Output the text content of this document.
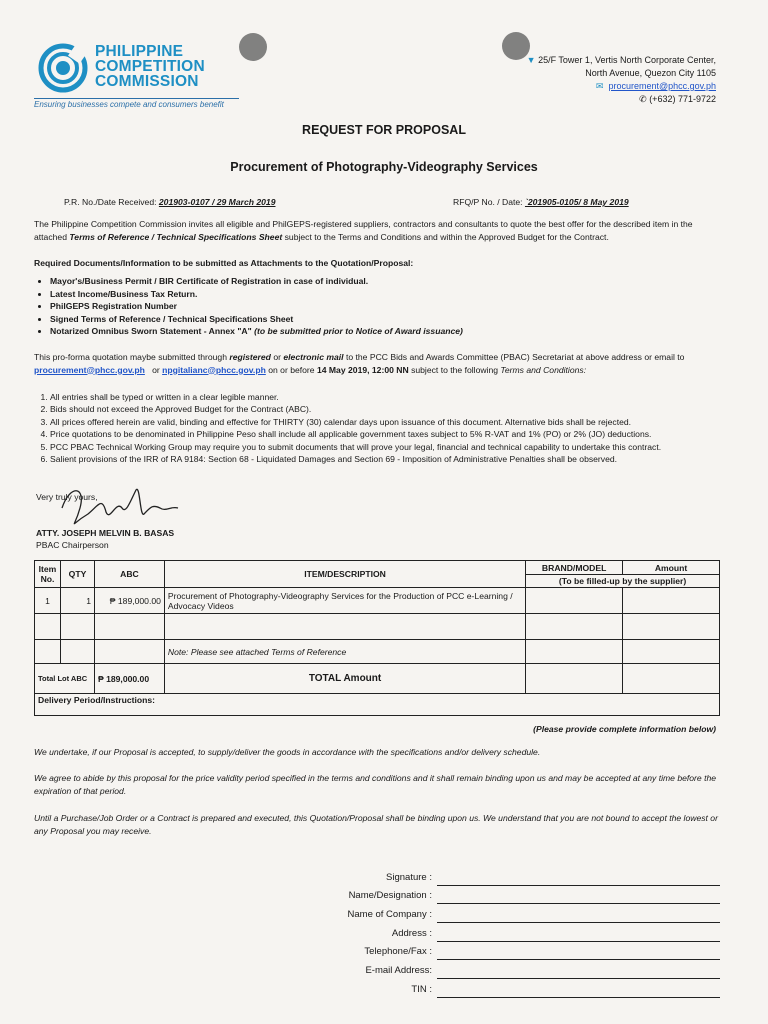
PHILIPPINE
COMPETITION
COMMISSION
Ensuring businesses compete and consumers benefit
▼ 25/F Tower 1, Vertis North Corporate Center,
North Avenue, Quezon City 1105
✉ procurement@phcc.gov.ph
✆ (+632) 771-9722
REQUEST FOR PROPOSAL
Procurement of Photography-Videography Services
P.R. No./Date Received: 201903-0107 / 29 March 2019	RFQ/P No. / Date: `201905-0105/ 8 May 2019
The Philippine Competition Commission invites all eligible and PhilGEPS-registered suppliers, contractors and consultants to quote the best offer for the described item in the attached Terms of Reference / Technical Specifications Sheet subject to the Terms and Conditions and within the Approved Budget for the Contract.
Required Documents/Information to be submitted as Attachments to the Quotation/Proposal:
• Mayor's/Business Permit / BIR Certificate of Registration in case of individual.
• Latest Income/Business Tax Return.
• PhilGEPS Registration Number
• Signed Terms of Reference / Technical Specifications Sheet
• Notarized Omnibus Sworn Statement - Annex "A" (to be submitted prior to Notice of Award issuance)
This pro-forma quotation maybe submitted through registered or electronic mail to the PCC Bids and Awards Committee (PBAC) Secretariat at above address or email to procurement@phcc.gov.ph or npgitalianc@phcc.gov.ph on or before 14 May 2019, 12:00 NN subject to the following Terms and Conditions:
1. All entries shall be typed or written in a clear legible manner.
2. Bids should not exceed the Approved Budget for the Contract (ABC).
3. All prices offered herein are valid, binding and effective for THIRTY (30) calendar days upon issuance of this document. Alternative bids shall be rejected.
4. Price quotations to be denominated in Philippine Peso shall include all applicable government taxes subject to 5% R-VAT and 1% (PO) or 2% (JO) deductions.
5. PCC PBAC Technical Working Group may require you to submit documents that will prove your legal, financial and technical capability to undertake this contract.
6. Salient provisions of the IRR of RA 9184: Section 68 - Liquidated Damages and Section 69 - Imposition of Administrative Penalties shall be observed.
Very truly yours,
ATTY. JOSEPH MELVIN B. BASAS
PBAC Chairperson
Item No.	QTY	ABC	ITEM/DESCRIPTION	BRAND/MODEL	Amount
				(To be filled-up by the supplier)	
1	1	₱ 189,000.00	Procurement of Photography-Videography Services for the Production of PCC e-Learning / Advocacy Videos		

			Note: Please see attached Terms of Reference		
Total Lot ABC		₱ 189,000.00	TOTAL Amount		
Delivery Period/Instructions:					
(Please provide complete information below)
We undertake, if our Proposal is accepted, to supply/deliver the goods in accordance with the specifications and/or delivery schedule.
We agree to abide by this proposal for the price validity period specified in the terms and conditions and it shall remain binding upon us and may be accepted at any time before the expiration of that period.
Until a Purchase/Job Order or a Contract is prepared and executed, this Quotation/Proposal shall be binding upon us. We understand that you are not bound to accept the lowest or any Proposal you may receive.
Signature :
Name/Designation :
Name of Company :
Address :
Telephone/Fax :
E-mail Address:
TIN :
